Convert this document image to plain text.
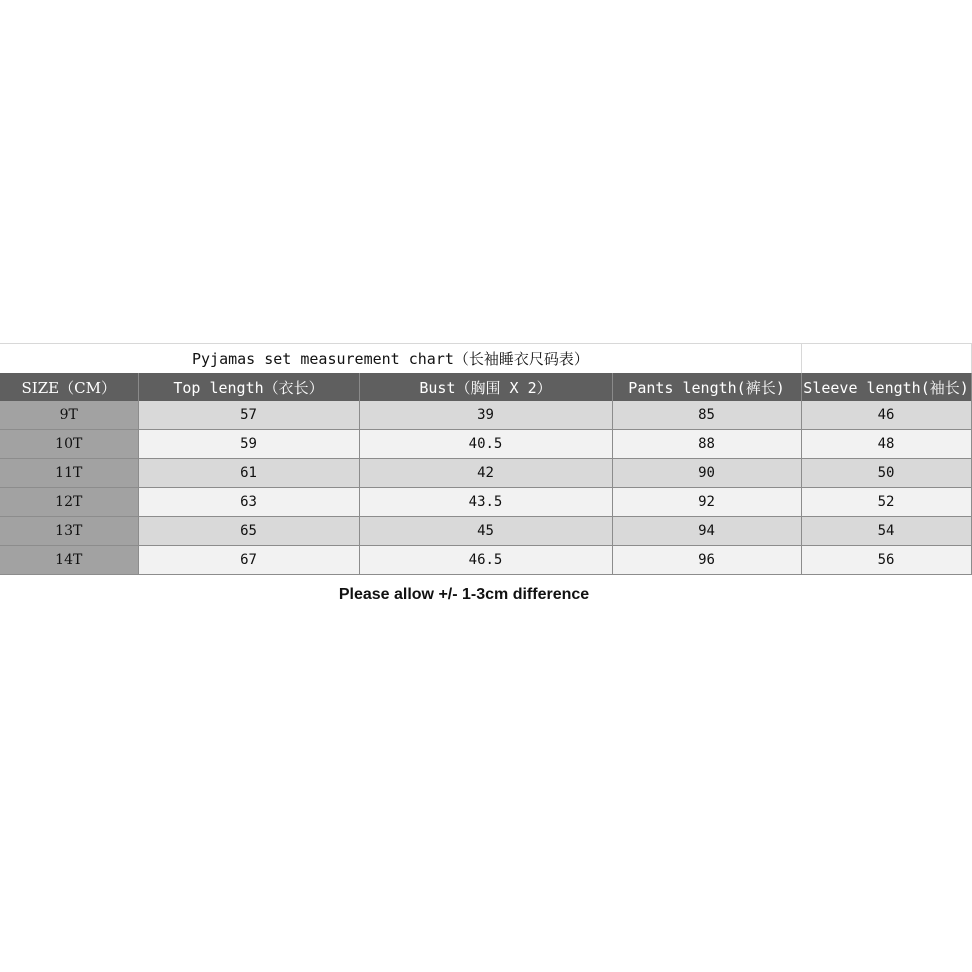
Pyjamas set measurement chart（长袖睡衣尺码表）				
SIZE（CM）	Top length（衣长）	Bust（胸围 X 2）	Pants length(裤长)	Sleeve length(袖长)
9T	57	39	85	46
10T	59	40.5	88	48
11T	61	42	90	50
12T	63	43.5	92	52
13T	65	45	94	54
14T	67	46.5	96	56
Please allow +/- 1-3cm difference
